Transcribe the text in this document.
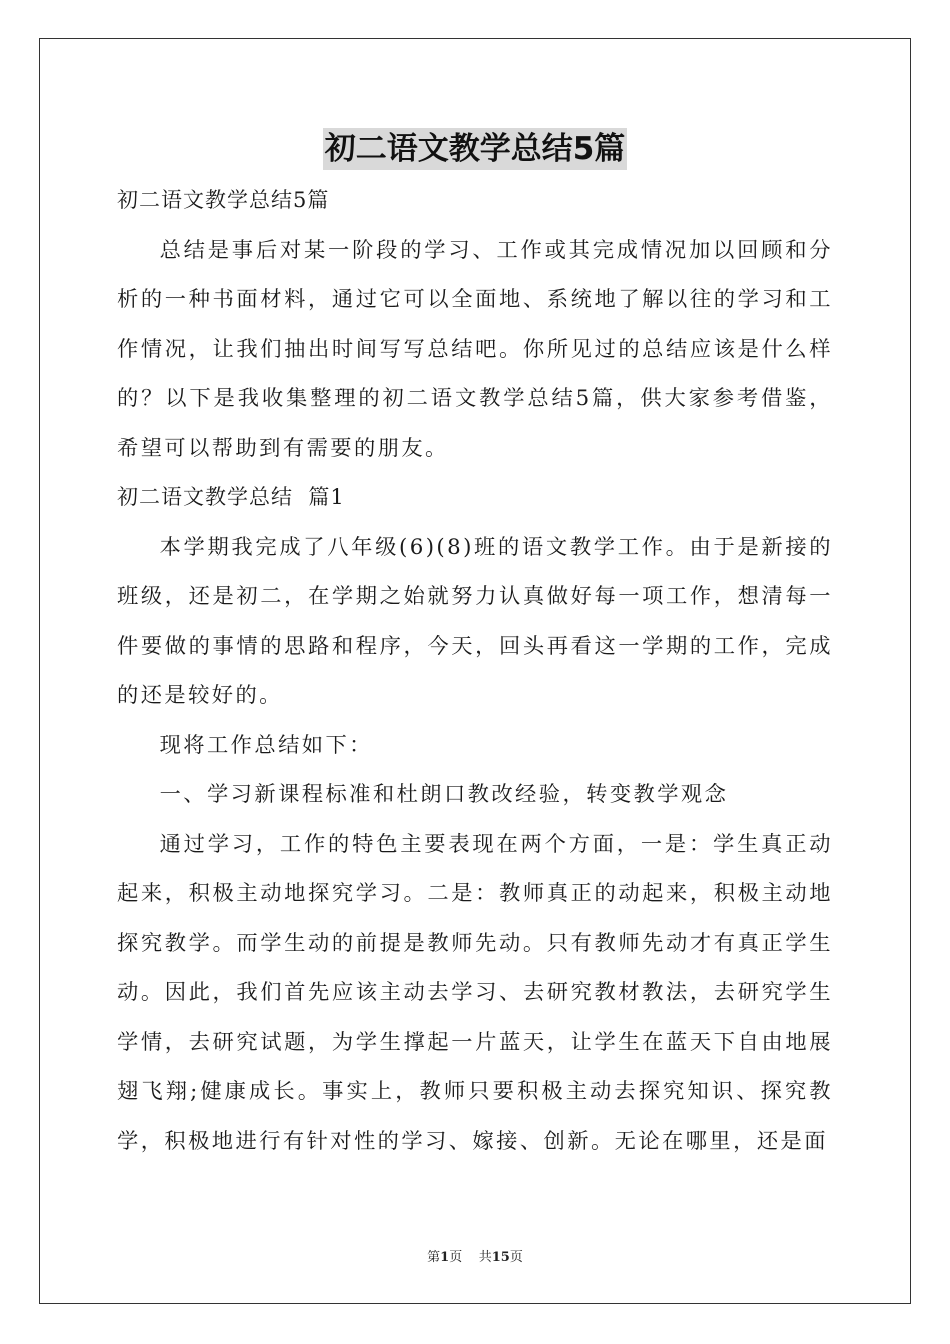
初二语文教学总结5篇

初二语文教学总结5篇

总结是事后对某一阶段的学习、工作或其完成情况加以回顾和分析的一种书面材料，通过它可以全面地、系统地了解以往的学习和工作情况，让我们抽出时间写写总结吧。你所见过的总结应该是什么样的？以下是我收集整理的初二语文教学总结5篇，供大家参考借鉴，希望可以帮助到有需要的朋友。

初二语文教学总结  篇1

本学期我完成了八年级(6)(8)班的语文教学工作。由于是新接的班级，还是初二，在学期之始就努力认真做好每一项工作，想清每一件要做的事情的思路和程序，今天，回头再看这一学期的工作，完成的还是较好的。

现将工作总结如下：

一、学习新课程标准和杜朗口教改经验，转变教学观念

通过学习，工作的特色主要表现在两个方面，一是：学生真正动起来，积极主动地探究学习。二是：教师真正的动起来，积极主动地探究教学。而学生动的前提是教师先动。只有教师先动才有真正学生动。因此，我们首先应该主动去学习、去研究教材教法，去研究学生学情，去研究试题，为学生撑起一片蓝天，让学生在蓝天下自由地展翅飞翔;健康成长。事实上，教师只要积极主动去探究知识、探究教学，积极地进行有针对性的学习、嫁接、创新。无论在哪里，还是面

第1页 共15页
